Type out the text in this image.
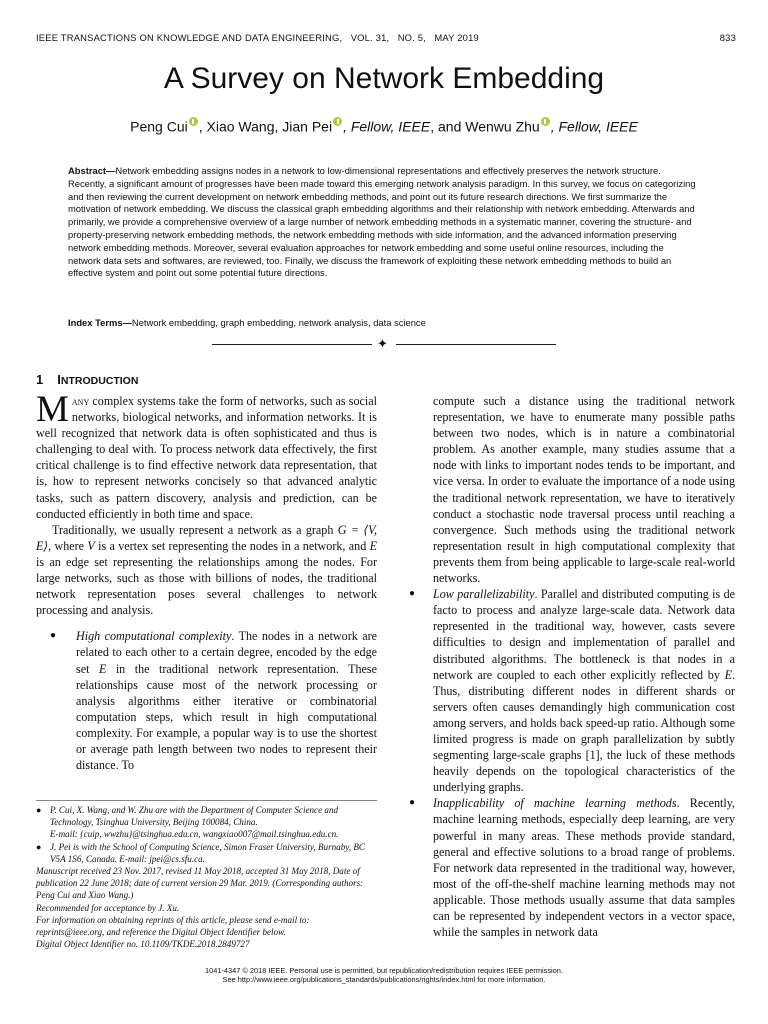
IEEE TRANSACTIONS ON KNOWLEDGE AND DATA ENGINEERING,   VOL. 31,   NO. 5,   MAY 2019	833
A Survey on Network Embedding
Peng Cui , Xiao Wang, Jian Pei , Fellow, IEEE, and Wenwu Zhu , Fellow, IEEE

Abstract—Network embedding assigns nodes in a network to low-dimensional representations and effectively preserves the network structure. Recently, a significant amount of progresses have been made toward this emerging network analysis paradigm. In this survey, we focus on categorizing and then reviewing the current development on network embedding methods, and point out its future research directions. We first summarize the motivation of network embedding. We discuss the classical graph embedding algorithms and their relationship with network embedding. Afterwards and primarily, we provide a comprehensive overview of a large number of network embedding methods in a systematic manner, covering the structure- and property-preserving network embedding methods, the network embedding methods with side information, and the advanced information preserving network embedding methods. Moreover, several evaluation approaches for network embedding and some useful online resources, including the network data sets and softwares, are reviewed, too. Finally, we discuss the framework of exploiting these network embedding methods to build an effective system and point out some potential future directions.

Index Terms—Network embedding, graph embedding, network analysis, data science

✦
1 INTRODUCTION

Many complex systems take the form of networks, such as social networks, biological networks, and information networks. It is well recognized that network data is often sophisticated and thus is challenging to deal with. To process network data effectively, the first critical challenge is to find effective network data representation, that is, how to represent networks concisely so that advanced analytic tasks, such as pattern discovery, analysis and prediction, can be conducted efficiently in both time and space.

Traditionally, we usually represent a network as a graph G = ⟨V, E⟩, where V is a vertex set representing the nodes in a network, and E is an edge set representing the relationships among the nodes. For large networks, such as those with billions of nodes, the traditional network representation poses several challenges to network processing and analysis.

● High computational complexity. The nodes in a network are related to each other to a certain degree, encoded by the edge set E in the traditional network representation. These relationships cause most of the network processing or analysis algorithms either iterative or combinatorial computation steps, which result in high computational complexity. For example, a popular way is to use the shortest or average path length between two nodes to represent their distance. To

compute such a distance using the traditional network representation, we have to enumerate many possible paths between two nodes, which is in nature a combinatorial problem. As another example, many studies assume that a node with links to important nodes tends to be important, and vice versa. In order to evaluate the importance of a node using the traditional network representation, we have to iteratively conduct a stochastic node traversal process until reaching a convergence. Such methods using the traditional network representation result in high computational complexity that prevents them from being applicable to large-scale real-world networks.

● Low parallelizability. Parallel and distributed computing is de facto to process and analyze large-scale data. Network data represented in the traditional way, however, casts severe difficulties to design and implementation of parallel and distributed algorithms. The bottleneck is that nodes in a network are coupled to each other explicitly reflected by E. Thus, distributing different nodes in different shards or servers often causes demandingly high communication cost among servers, and holds back speed-up ratio. Although some limited progress is made on graph parallelization by subtly segmenting large-scale graphs [1], the luck of these methods heavily depends on the topological characteristics of the underlying graphs.
● Inapplicability of machine learning methods. Recently, machine learning methods, especially deep learning, are very powerful in many areas. These methods provide standard, general and effective solutions to a broad range of problems. For network data represented in the traditional way, however, most of the off-the-shelf machine learning methods may not applicable. Those methods usually assume that data samples can be represented by independent vectors in a vector space, while the samples in network data

● P. Cui, X. Wang, and W. Zhu are with the Department of Computer Science and Technology, Tsinghua University, Beijing 100084, China.

E-mail: {cuip, wwzhu}@tsinghua.edu.cn, wangxiao007@mail.tsinghua.edu.cn.

● J. Pei is with the School of Computing Science, Simon Fraser University, Burnaby, BC V5A 1S6, Canada. E-mail: jpei@cs.sfu.ca.

Manuscript received 23 Nov. 2017, revised 11 May 2018, accepted 31 May 2018, Date of publication 22 June 2018; date of current version 29 Mar. 2019. (Corresponding authors: Peng Cui and Xiao Wang.)

Recommended for acceptance by J. Xu.

For information on obtaining reprints of this article, please send e-mail to: reprints@ieee.org, and reference the Digital Object Identifier below.

Digital Object Identifier no. 10.1109/TKDE.2018.2849727

1041-4347 © 2018 IEEE. Personal use is permitted, but republication/redistribution requires IEEE permission.
See http://www.ieee.org/publications_standards/publications/rights/index.html for more information.
